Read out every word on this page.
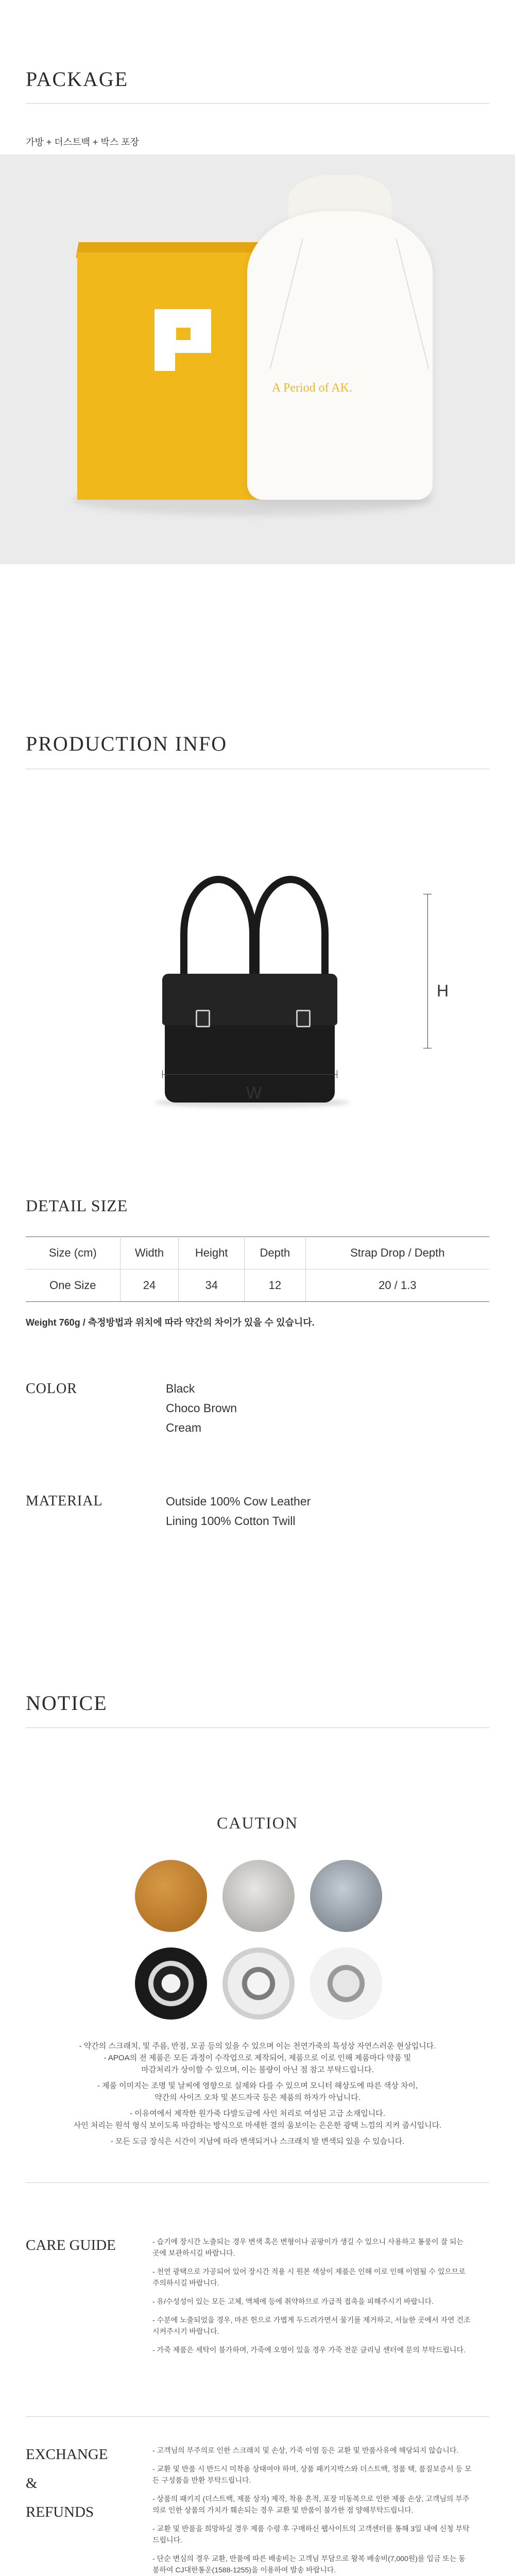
PACKAGE
가방 + 더스트백 + 박스 포장
A Period of AK.
PRODUCTION INFO
H
W
DETAIL SIZE
Size (cm)	Width	Height	Depth	Strap Drop / Depth
One Size	24	34	12	20 / 1.3
Weight 760g / 측정방법과 위치에 따라 약간의 차이가 있을 수 있습니다.
COLOR	Black
Choco Brown
Cream
MATERIAL	Outside 100% Cow Leather
Lining 100% Cotton Twill
NOTICE
CAUTION
- 약간의 스크래치, 및 주름, 반점, 모공 등의 있을 수 있으며 이는 천연가죽의 특성상 자연스러운 현상입니다.
- APOA의 전 제품은 모든 과정이 수작업으로 제작되어, 제품으로 이로 인해 제품마다 약품 및
마감처리가 상이할 수 있으며, 이는 불량이 아닌 점 참고 부탁드립니다.
- 제품 이미지는 조명 및 날씨에 영향으로 실제와 다를 수 있으며 모니터 해상도에 따른 색상 차이,
약간의 사이즈 오차 및 본드자국 등은 제품의 하자가 아닙니다.
- 이유여에서 제작한 원가죽 다발도금에 사인 처리로 여성된 고급 소재입니다.
사인 처리는 원석 형식 보이도록 마감하는 방식으로 마세한 결의 움보이는 은은한 광택 느낌의 지켜 줍시입니다.
- 모든 도금 장식은 시간이 지남에 따라 변색되거나 스크래치 발 변색되 있을 수 있습니다.
CARE GUIDE	- 습기에 장시간 노출되는 경우 변색 혹은 변형이나 곰팡이가 생길 수 있으니 사용하고 통풍이 잘 되는 곳에 보관하시길 바랍니다.

- 천연 광택으로 가공되어 있어 장시간 적용 시 원본 색상이 제품은 인해 이로 인해 이염될 수 있으므로 주의하시길 바랍니다.

- 유/수성성이 있는 모든 고체, 액체에 등에 취약하므로 가급적 접촉을 피해주시기 바랍니다.

- 수분에 노출되었을 경우, 마른 헌으로 가볍게 두드려가면서 물기를 제거하고, 서늘한 곳에서 자연 건조 시켜주시기 바랍니다.

- 가죽 제품은 세탁이 불가하며, 가죽에 오염이 있을 경우 가죽 전문 클리닝 센터에 문의 부탁드립니다.

EXCHANGE
&
REFUNDS

- 고객님의 부주의로 인한 스크래치 및 손상, 가죽 이염 등은 교환 및 반품사유에 해당되지 않습니다.

- 교환 및 반품 시 반드시 미착용 상태여야 하며, 상품 패키지박스와 더스트백, 정품 택, 품질보증서 등 모든 구성품을 반환 부탁드립니다.

- 상품의 패키지 (더스트백, 제품 상자) 제작, 착용 흔적, 포장 미동복으로 인한 제품 손상, 고객님의 부주의로 인한 상품의 가치가 훼손되는 경우 교환 및 반품이 불가한 점 양해부탁드립니다.

- 교환 및 반품을 희망하실 경우 제품 수령 후 구매하신 웹사이트의 고객센터를 통해 3일 내에 신청 부탁드립니다.

- 단순 변심의 경우 교환, 반품에 따른 배송비는 고객님 부담으로 왕복 배송비(7,000원)를 입금 또는 동봉하여 CJ대한통운(1588-1255)을 이용하여 발송 바랍니다.
